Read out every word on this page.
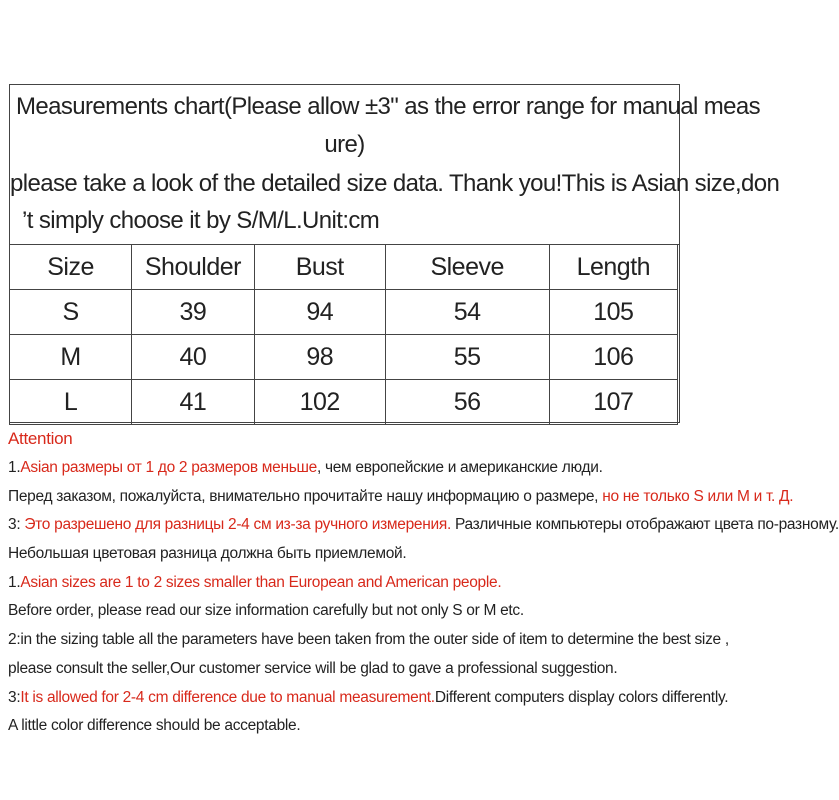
Measurements chart(Please allow ±3" as the error range for manual meas
ure)
please take a look of the detailed size data. Thank you!This is Asian size,don
’t simply choose it by S/M/L.Unit:cm
Size	Shoulder	Bust	Sleeve	Length
S	39	94	54	105
M	40	98	55	106
L	41	102	56	107
Attention
1.Asian размеры от 1 до 2 размеров меньше, чем европейские и американские люди.
Перед заказом, пожалуйста, внимательно прочитайте нашу информацию о размере, но не только S или M и т. Д.
3: Это разрешено для разницы 2-4 см из-за ручного измерения. Различные компьютеры отображают цвета по-разному.
Небольшая цветовая разница должна быть приемлемой.
1.Asian sizes are 1 to 2 sizes smaller than European and American people.
Before order, please read our size information carefully but not only S or M etc.
2:in the sizing table all the parameters have been taken from the outer side of item to determine the best size ,
please consult the seller,Our customer service will be glad to gave a professional suggestion.
3:It is allowed for 2-4 cm difference due to manual measurement.Different computers display colors differently.
A little color difference should be acceptable.
